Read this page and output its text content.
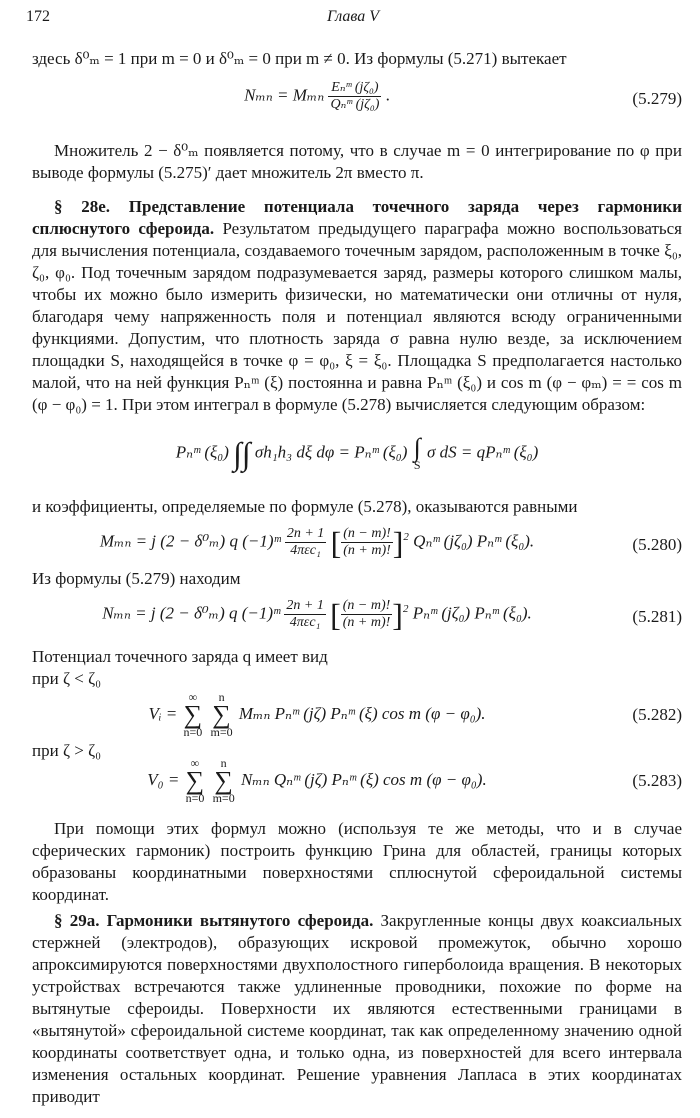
172	Глава V
здесь δ⁰ₘ = 1 при m = 0 и δ⁰ₘ = 0 при m ≠ 0. Из формулы (5.271) вытекает
Nₘₙ = Mₘₙ $\frac{\text{Eₙᵐ (jζ₀)}}{\text{Qₙᵐ (jζ₀)}}$ .	(5.279)
Множитель 2 − δ⁰ₘ появляется потому, что в случае m = 0 интегрирование по φ при выводе формулы (5.275)′ дает множитель 2π вместо π.
§ 28е. Представление потенциала точечного заряда через гармоники сплюснутого сфероида. Результатом предыдущего параграфа можно воспользоваться для вычисления потенциала, создаваемого точечным зарядом, расположенным в точке ξ₀, ζ₀, φ₀. Под точечным зарядом подразумевается заряд, размеры которого слишком малы, чтобы их можно было измерить физически, но математически они отличны от нуля, благодаря чему напряженность поля и потенциал являются всюду ограниченными функциями. Допустим, что плотность заряда σ равна нулю везде, за исключением площадки S, находящейся в точке φ = φ₀, ξ = ξ₀. Площадка S предполагается настолько малой, что на ней функция Pₙᵐ (ξ) постоянна и равна Pₙᵐ (ξ₀) и cos m (φ − φₘ) = = cos m (φ − φ₀) = 1. При этом интеграл в формуле (5.278) вычисляется следующим образом:
Pₙᵐ (ξ₀) ∫∫ σh₁h₃ dξ dφ = Pₙᵐ (ξ₀) ∫
S σ dS = qPₙᵐ (ξ₀)
и коэффициенты, определяемые по формуле (5.278), оказываются равными
Mₘₙ = j (2 − δ⁰ₘ) q (−1)ᵐ $\frac{2n + 1}{\text{4πεc₁}}$ [ $\frac{(n - m)!}{(n + m)!} ]^2$ Qₙᵐ (jζ₀) Pₙᵐ (ξ₀).	(5.280)
Из формулы (5.279) находим
Nₘₙ = j (2 − δ⁰ₘ) q (−1)ᵐ $\frac{2n + 1}{\text{4πεc₁}}$ [ $\frac{(n - m)!}{(n + m)!} ]^2$ Pₙᵐ (jζ₀) Pₙᵐ (ξ₀).	(5.281)
Потенциал точечного заряда q имеет вид
при ζ < ζ₀
Vᵢ = ∞
∑
n=0 n
∑
m=0 Mₘₙ Pₙᵐ (jζ) Pₙᵐ (ξ) cos m (φ − φ₀).	(5.282)
при ζ > ζ₀
V₀ = ∞
∑
n=0 n
∑
m=0 Nₘₙ Qₙᵐ (jζ) Pₙᵐ (ξ) cos m (φ − φ₀).	(5.283)
При помощи этих формул можно (используя те же методы, что и в случае сферических гармоник) построить функцию Грина для областей, границы которых образованы координатными поверхностями сплюснутой сфероидальной системы координат.
§ 29а. Гармоники вытянутого сфероида. Закругленные концы двух коаксиальных стержней (электродов), образующих искровой промежуток, обычно хорошо апроксимируются поверхностями двухполостного гиперболоида вращения. В некоторых устройствах встречаются также удлиненные проводники, похожие по форме на вытянутые сфероиды. Поверхности их являются естественными границами в «вытянутой» сфероидальной системе координат, так как определенному значению одной координаты соответствует одна, и только одна, из поверхностей для всего интервала изменения остальных координат. Решение уравнения Лапласа в этих координатах приводит
